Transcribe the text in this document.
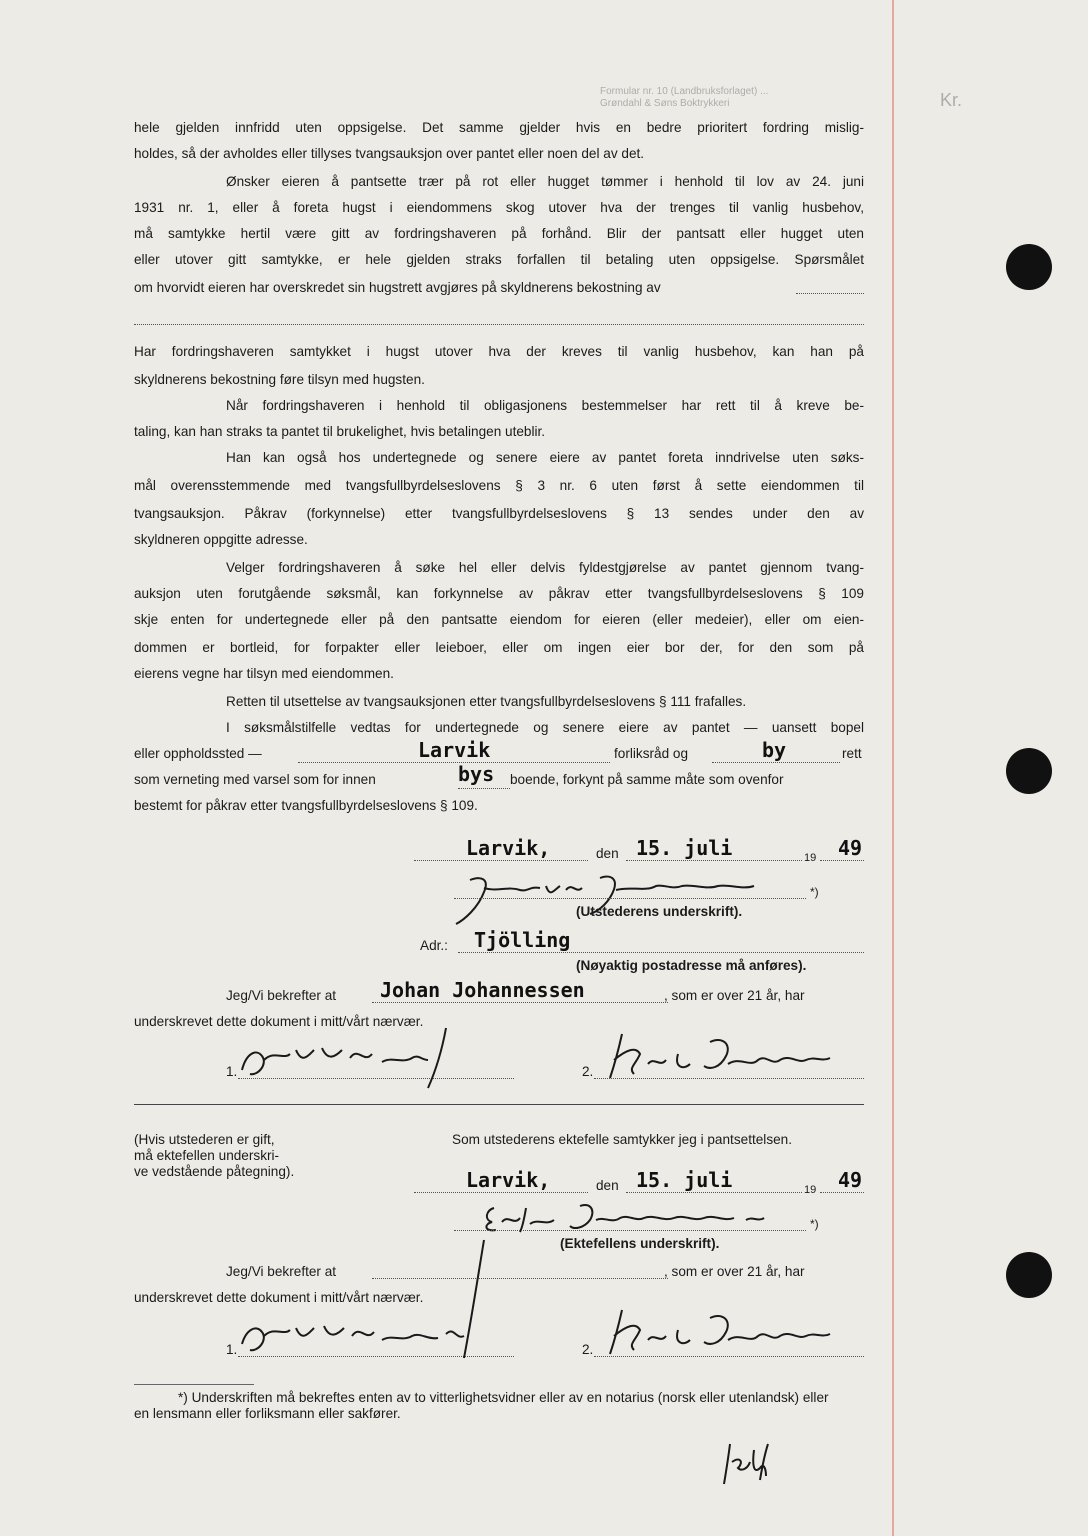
Formular nr. 10 (Landbruksforlaget) ...
Grøndahl & Søns Boktrykkeri	Kr.
hele gjelden innfridd uten oppsigelse. Det samme gjelder hvis en bedre prioritert fordring mislig-
holdes, så der avholdes eller tillyses tvangsauksjon over pantet eller noen del av det.
Ønsker eieren å pantsette trær på rot eller hugget tømmer i henhold til lov av 24. juni
1931 nr. 1, eller å foreta hugst i eiendommens skog utover hva der trenges til vanlig husbehov,
må samtykke hertil være gitt av fordringshaveren på forhånd. Blir der pantsatt eller hugget uten
eller utover gitt samtykke, er hele gjelden straks forfallen til betaling uten oppsigelse. Spørsmålet
om hvorvidt eieren har overskredet sin hugstrett avgjøres på skyldnerens bekostning av
Har fordringshaveren samtykket i hugst utover hva der kreves til vanlig husbehov, kan han på
skyldnerens bekostning føre tilsyn med hugsten.
Når fordringshaveren i henhold til obligasjonens bestemmelser har rett til å kreve be-
taling, kan han straks ta pantet til brukelighet, hvis betalingen uteblir.
Han kan også hos undertegnede og senere eiere av pantet foreta inndrivelse uten søks-
mål overensstemmende med tvangsfullbyrdelseslovens § 3 nr. 6 uten først å sette eiendommen til
tvangsauksjon. Påkrav (forkynnelse) etter tvangsfullbyrdelseslovens § 13 sendes under den av
skyldneren oppgitte adresse.
Velger fordringshaveren å søke hel eller delvis fyldestgjørelse av pantet gjennom tvang-
auksjon uten forutgående søksmål, kan forkynnelse av påkrav etter tvangsfullbyrdelseslovens § 109
skje enten for undertegnede eller på den pantsatte eiendom for eieren (eller medeier), eller om eien-
dommen er bortleid, for forpakter eller leieboer, eller om ingen eier bor der, for den som på
eierens vegne har tilsyn med eiendommen.
Retten til utsettelse av tvangsauksjonen etter tvangsfullbyrdelseslovens § 111 frafalles.
I søksmålstilfelle vedtas for undertegnede og senere eiere av pantet — uansett bopel
eller oppholdssted —	Larvik	forliksråd og	by	rett
som verneting med varsel som for innen	bys boende, forkynt på samme måte som ovenfor
bestemt for påkrav etter tvangsfullbyrdelseslovens § 109.
Larvik,	den 15. juli	19 49
*)
(Utstederens underskrift).
Adr.: Tjölling
(Nøyaktig postadresse må anføres).
Jeg/Vi bekrefter at Johan Johannessen	, som er over 21 år, har
underskrevet dette dokument i mitt/vårt nærvær.
1.	2.
(Hvis utstederen er gift,
må ektefellen underskri-
ve vedstående påtegning).
Som utstederens ektefelle samtykker jeg i pantsettelsen.
Larvik,	den 15. juli	19 49
*)
(Ektefellens underskrift).
Jeg/Vi bekrefter at	, som er over 21 år, har
underskrevet dette dokument i mitt/vårt nærvær.
1.	2.
*) Underskriften må bekreftes enten av to vitterlighetsvidner eller av en notarius (norsk eller utenlandsk) eller
en lensmann eller forliksmann eller sakfører.
